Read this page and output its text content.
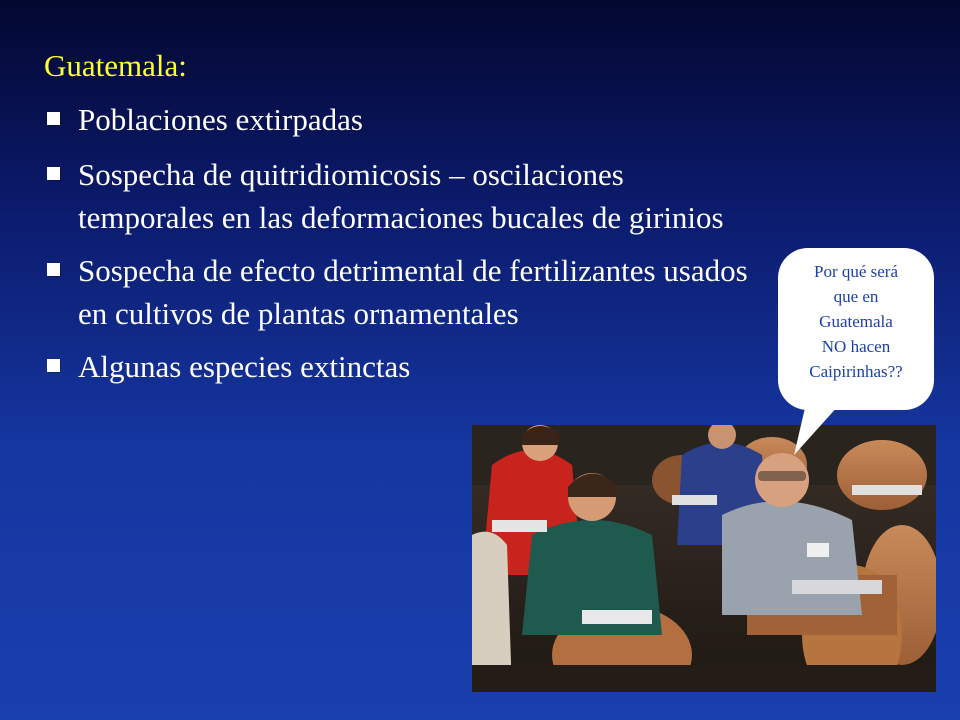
Guatemala:
Poblaciones extirpadas
Sospecha de quitridiomicosis – oscilaciones temporales en las deformaciones bucales de girinios
Sospecha de efecto detrimental de fertilizantes usados en cultivos de plantas ornamentales
Algunas especies extinctas
Por qué será
que en
Guatemala
NO hacen
Caipirinhas??
